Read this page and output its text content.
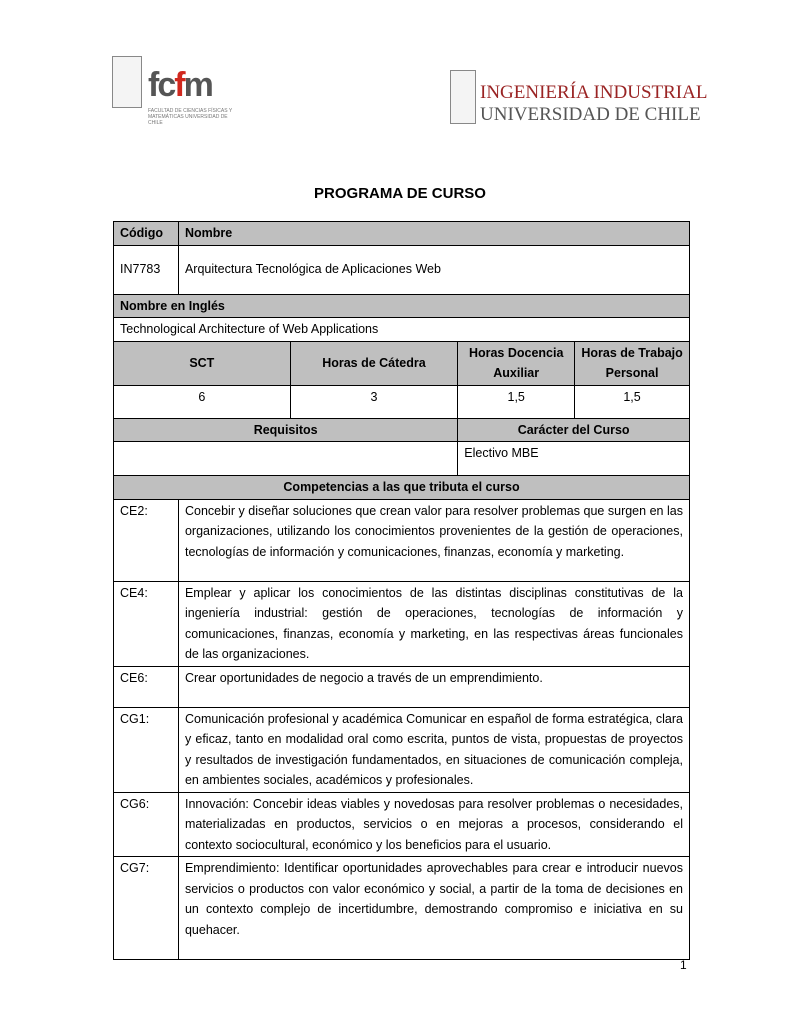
fcfm
FACULTAD DE CIENCIAS FÍSICAS Y MATEMÁTICAS UNIVERSIDAD DE CHILE
INGENIERÍA INDUSTRIAL
UNIVERSIDAD DE CHILE
PROGRAMA DE CURSO
Código	Nombre			
IN7783	Arquitectura Tecnológica de Aplicaciones Web			
Nombre en Inglés				
Technological Architecture of Web Applications				
SCT		Horas de Cátedra	Horas Docencia Auxiliar	Horas de Trabajo Personal
6		3	1,5	1,5
Requisitos			Carácter del Curso	
			Electivo MBE	
Competencias a las que tributa el curso				
CE2:	Concebir y diseñar soluciones que crean valor para resolver problemas que surgen en las organizaciones, utilizando los conocimientos provenientes de la gestión de operaciones, tecnologías de información y comunicaciones, finanzas, economía y marketing.			
CE4:	Emplear y aplicar los conocimientos de las distintas disciplinas constitutivas de la ingeniería industrial: gestión de operaciones, tecnologías de información y comunicaciones, finanzas, economía y marketing, en las respectivas áreas funcionales de las organizaciones.			
CE6:	Crear oportunidades de negocio a través de un emprendimiento.			
CG1:	Comunicación profesional y académica Comunicar en español de forma estratégica, clara y eficaz, tanto en modalidad oral como escrita, puntos de vista, propuestas de proyectos y resultados de investigación fundamentados, en situaciones de comunicación compleja, en ambientes sociales, académicos y profesionales.			
CG6:	Innovación: Concebir ideas viables y novedosas para resolver problemas o necesidades, materializadas en productos, servicios o en mejoras a procesos, considerando el contexto sociocultural, económico y los beneficios para el usuario.			
CG7:	Emprendimiento: Identificar oportunidades aprovechables para crear e introducir nuevos servicios o productos con valor económico y social, a partir de la toma de decisiones en un contexto complejo de incertidumbre, demostrando compromiso e iniciativa en su quehacer.			
1
